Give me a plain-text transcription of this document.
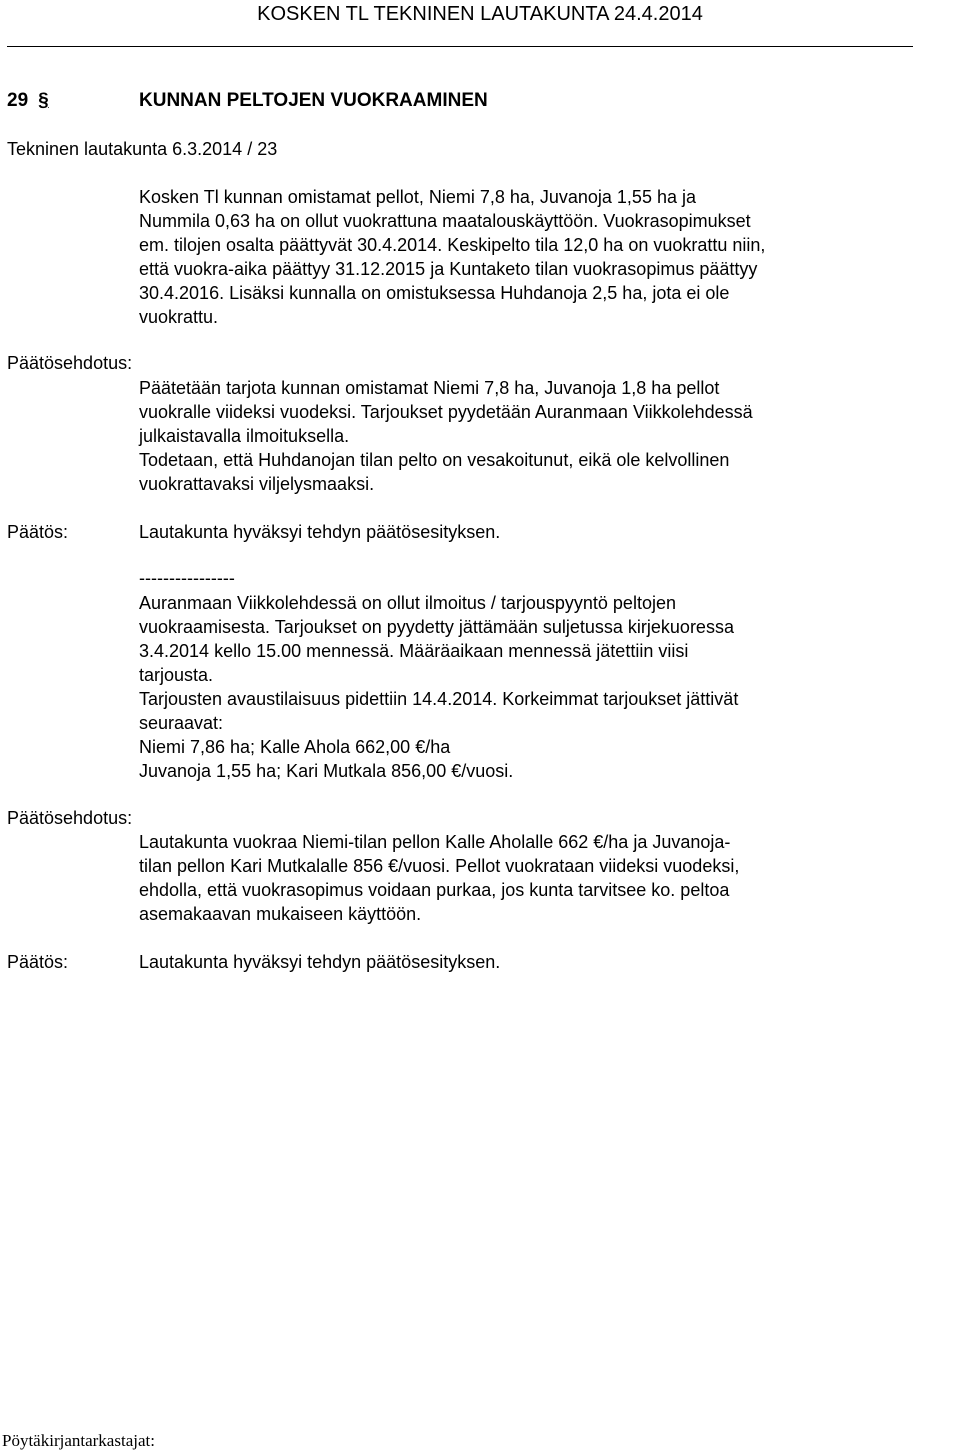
KOSKEN TL TEKNINEN LAUTAKUNTA 24.4.2014
29 §	KUNNAN PELTOJEN VUOKRAAMINEN
Tekninen lautakunta 6.3.2014 / 23
Kosken Tl kunnan omistamat pellot, Niemi 7,8 ha, Juvanoja 1,55 ha ja
Nummila 0,63 ha on ollut vuokrattuna maatalouskäyttöön. Vuokrasopimukset
em. tilojen osalta päättyvät 30.4.2014. Keskipelto tila 12,0 ha on vuokrattu niin,
että vuokra-aika päättyy 31.12.2015 ja Kuntaketo tilan vuokrasopimus päättyy
30.4.2016. Lisäksi kunnalla on omistuksessa Huhdanoja 2,5 ha, jota ei ole
vuokrattu.
Päätösehdotus:
Päätetään tarjota kunnan omistamat Niemi 7,8 ha, Juvanoja 1,8 ha pellot
vuokralle viideksi vuodeksi. Tarjoukset pyydetään Auranmaan Viikkolehdessä
julkaistavalla ilmoituksella.
Todetaan, että Huhdanojan tilan pelto on vesakoitunut, eikä ole kelvollinen
vuokrattavaksi viljelysmaaksi.
Päätös:	Lautakunta hyväksyi tehdyn päätösesityksen.
----------------
Auranmaan Viikkolehdessä on ollut ilmoitus / tarjouspyyntö peltojen
vuokraamisesta. Tarjoukset on pyydetty jättämään suljetussa kirjekuoressa
3.4.2014 kello 15.00 mennessä. Määräaikaan mennessä jätettiin viisi
tarjousta.
Tarjousten avaustilaisuus pidettiin 14.4.2014. Korkeimmat tarjoukset jättivät
seuraavat:
Niemi 7,86 ha; Kalle Ahola 662,00 €/ha
Juvanoja 1,55 ha; Kari Mutkala 856,00 €/vuosi.
Päätösehdotus:
Lautakunta vuokraa Niemi-tilan pellon Kalle Aholalle 662 €/ha ja Juvanoja-
tilan pellon Kari Mutkalalle 856 €/vuosi. Pellot vuokrataan viideksi vuodeksi,
ehdolla, että vuokrasopimus voidaan purkaa, jos kunta tarvitsee ko. peltoa
asemakaavan mukaiseen käyttöön.
Päätös:	Lautakunta hyväksyi tehdyn päätösesityksen.
Pöytäkirjantarkastajat:
